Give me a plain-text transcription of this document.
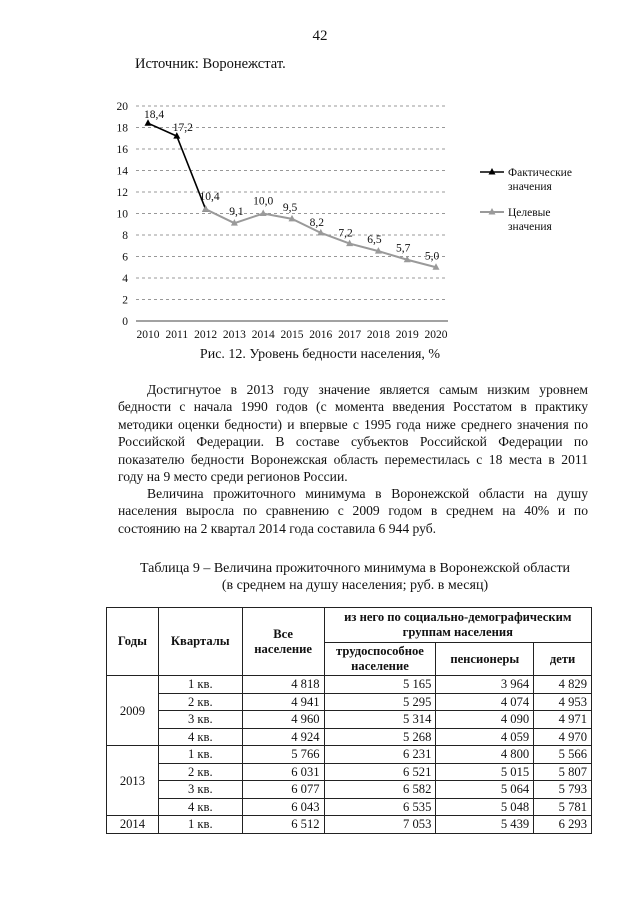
42
Источник: Воронежстат.
0
2
4
6
8
10
12
14
16
18
20
2010 2011 2012 2013 2014 2015 2016 2017 2018 2019 2020
18,4
17,2
10,4
9,1
10,0
9,5
8,2
7,2
6,5
5,7
5,0
Фактические
значения
Целевые
значения
Рис. 12. Уровень бедности населения, %

Достигнутое в 2013 году значение является самым низким уровнем бедности с начала 1990 годов (с момента введения Росстатом в практику методики оценки бедности) и впервые с 1995 года ниже среднего значения по Российской Федерации. В составе субъектов Российской Федерации по показателю бедности Воронежская область переместилась с 18 места в 2011 году на 9 место среди регионов России.

Величина прожиточного минимума в Воронежской области на душу населения выросла по сравнению с 2009 годом в среднем на 40% и по состоянию на 2 квартал 2014 года составила 6 944 руб.

Таблица 9 – Величина прожиточного минимума в Воронежской области
(в среднем на душу населения; руб. в месяц)
Годы	Кварталы	Все население	из него по социально-демографическим группам населения		
			трудоспособное население	пенсионеры	дети
2009	1 кв.	4 818	5 165	3 964	4 829
	2 кв.	4 941	5 295	4 074	4 953
	3 кв.	4 960	5 314	4 090	4 971
	4 кв.	4 924	5 268	4 059	4 970
2013	1 кв.	5 766	6 231	4 800	5 566
	2 кв.	6 031	6 521	5 015	5 807
	3 кв.	6 077	6 582	5 064	5 793
	4 кв.	6 043	6 535	5 048	5 781
2014	1 кв.	6 512	7 053	5 439	6 293
